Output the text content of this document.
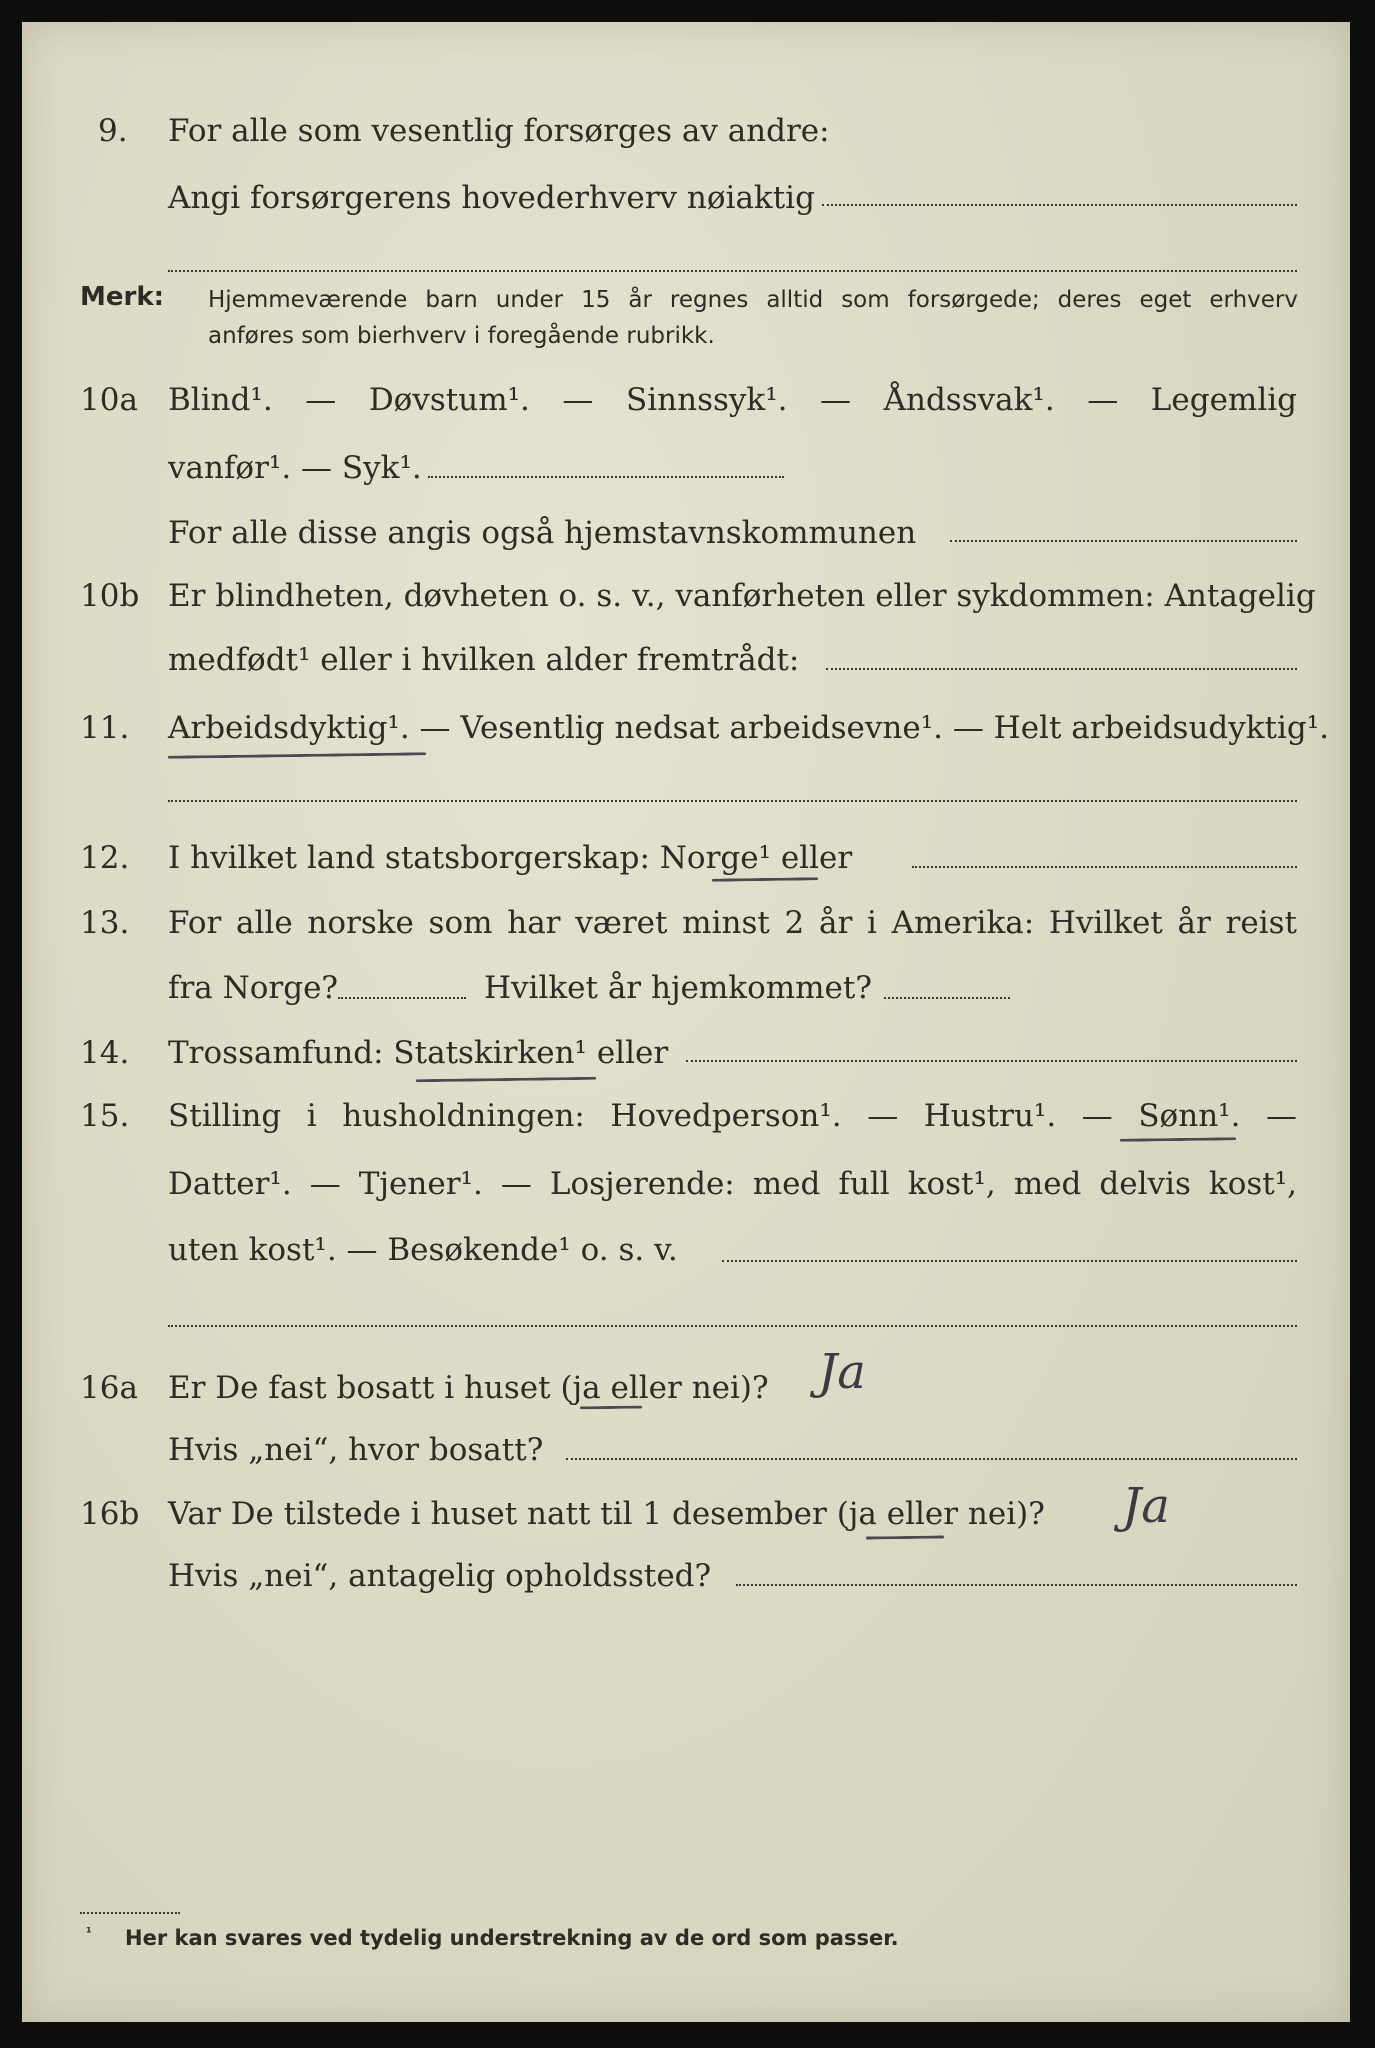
9. For alle som vesentlig forsørges av andre:
Angi forsørgerens hovederhverv nøiaktig
Merk: Hjemmeværende barn under 15 år regnes alltid som forsørgede; deres eget erhverv
anføres som bierhverv i foregående rubrikk.
10a Blind¹. — Døvstum¹. — Sinnssyk¹. — Åndssvak¹. — Legemlig
vanfør¹. — Syk¹.
For alle disse angis også hjemstavnskommunen
10b Er blindheten, døvheten o. s. v., vanførheten eller sykdommen: Antagelig
medfødt¹ eller i hvilken alder fremtrådt:
11. Arbeidsdyktig¹. — Vesentlig nedsat arbeidsevne¹. — Helt arbeidsudyktig¹.
12. I hvilket land statsborgerskap: Norge¹ eller
13. For alle norske som har været minst 2 år i Amerika: Hvilket år reist
fra Norge?	Hvilket år hjemkommet?
14. Trossamfund: Statskirken¹ eller
15. Stilling i husholdningen: Hovedperson¹. — Hustru¹. — Sønn¹. —
Datter¹. — Tjener¹. — Losjerende: med full kost¹, med delvis kost¹,
uten kost¹. — Besøkende¹ o. s. v.
16a Er De fast bosatt i huset (ja eller nei)? Ja
Hvis „nei“, hvor bosatt?
16b Var De tilstede i huset natt til 1 desember (ja eller nei)? Ja
Hvis „nei“, antagelig opholdssted?
$^{^1}$ Her kan svares ved tydelig understrekning av de ord som passer.
